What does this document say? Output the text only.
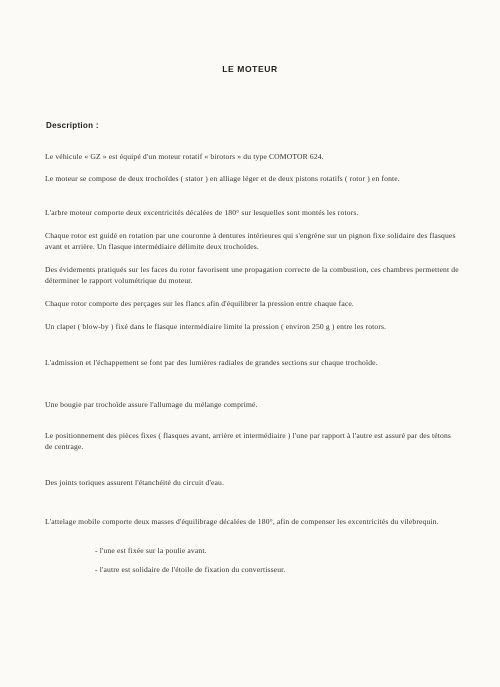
LE MOTEUR
Description :

Le véhicule « GZ » est équipé d'un moteur rotatif « birotors » du type COMOTOR 624.

Le moteur se compose de deux trochoïdes ( stator ) en alliage léger et de deux pistons rotatifs ( rotor ) en fonte.

L'arbre moteur comporte deux excentricités décalées de 180° sur lesquelles sont montés les rotors.

Chaque rotor est guidé en rotation par une couronne à dentures intérieures qui s'engrène sur un pignon fixe solidaire des flasques avant et arrière. Un flasque intermédiaire délimite deux trochoïdes.

Des évidements pratiqués sur les faces du rotor favorisent une propagation correcte de la combustion, ces chambres permettent de déterminer le rapport volumétrique du moteur.

Chaque rotor comporte des perçages sur les flancs afin d'équilibrer la pression entre chaque face.

Un clapet ( blow-by ) fixé dans le flasque intermédiaire limite la pression ( environ 250 g ) entre les rotors.

L'admission et l'échappement se font par des lumières radiales de grandes sections sur chaque trochoïde.

Une bougie par trochoïde assure l'allumage du mélange comprimé.

Le positionnement des pièces fixes ( flasques avant, arrière et intermédiaire ) l'une par rapport à l'autre est assuré par des tétons de centrage.

Des joints toriques assurent l'étanchéité du circuit d'eau.

L'attelage mobile comporte deux masses d'équilibrage décalées de 180°, afin de compenser les excentricités du vilebrequin.

- l'une est fixée sur la poulie avant.

- l'autre est solidaire de l'étoile de fixation du convertisseur.
